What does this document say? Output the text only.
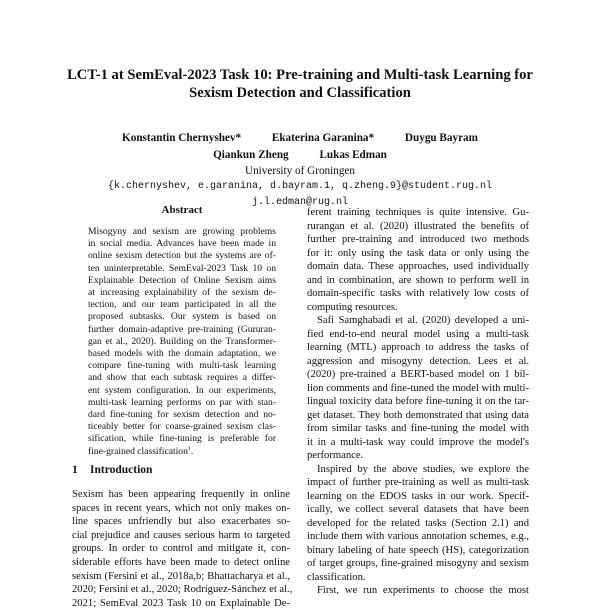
LCT-1 at SemEval-2023 Task 10: Pre-training and Multi-task Learning for
Sexism Detection and Classification
Konstantin Chernyshev*	Ekaterina Garanina*	Duygu Bayram
Qiankun Zheng	Lukas Edman
University of Groningen
{k.chernyshev, e.garanina, d.bayram.1, q.zheng.9}@student.rug.nl
j.l.edman@rug.nl
Abstract
Misogyny and sexism are growing problems
in social media. Advances have been made in
online sexism detection but the systems are of-
ten uninterpretable. SemEval-2023 Task 10 on
Explainable Detection of Online Sexism aims
at increasing explainability of the sexism de-
tection, and our team participated in all the
proposed subtasks. Our system is based on
further domain-adaptive pre-training (Gururan-
gan et al., 2020). Building on the Transformer-
based models with the domain adaptation, we
compare fine-tuning with multi-task learning
and show that each subtask requires a differ-
ent system configuration. In our experiments,
multi-task learning performs on par with stan-
dard fine-tuning for sexism detection and no-
ticeably better for coarse-grained sexism clas-
sification, while fine-tuning is preferable for
fine-grained classification$^1$.
1 Introduction
Sexism has been appearing frequently in online
spaces in recent years, which not only makes on-
line spaces unfriendly but also exacerbates so-
cial prejudice and causes serious harm to targeted
groups. In order to control and mitigate it, con-
siderable efforts have been made to detect online
sexism (Fersini et al., 2018a,b; Bhattacharya et al.,
2020; Fersini et al., 2020; Rodríguez-Sánchez et al.,
2021; SemEval 2023 Task 10 on Explainable De-
ferent training techniques is quite intensive. Gu-
rurangan et al. (2020) illustrated the benefits of
further pre-training and introduced two methods
for it: only using the task data or only using the
domain data. These approaches, used individually
and in combination, are shown to perform well in
domain-specific tasks with relatively low costs of
computing resources.
Safi Samghabadi et al. (2020) developed a uni-
fied end-to-end neural model using a multi-task
learning (MTL) approach to address the tasks of
aggression and misogyny detection. Lees et al.
(2020) pre-trained a BERT-based model on 1 bil-
lion comments and fine-tuned the model with multi-
lingual toxicity data before fine-tuning it on the tar-
get dataset. They both demonstrated that using data
from similar tasks and fine-tuning the model with
it in a multi-task way could improve the model's
performance.
Inspired by the above studies, we explore the
impact of further pre-training as well as multi-task
learning on the EDOS tasks in our work. Specif-
ically, we collect several datasets that have been
developed for the related tasks (Section 2.1) and
include them with various annotation schemes, e.g.,
binary labeling of hate speech (HS), categorization
of target groups, fine-grained misogyny and sexism
classification.
First, we run experiments to choose the most
